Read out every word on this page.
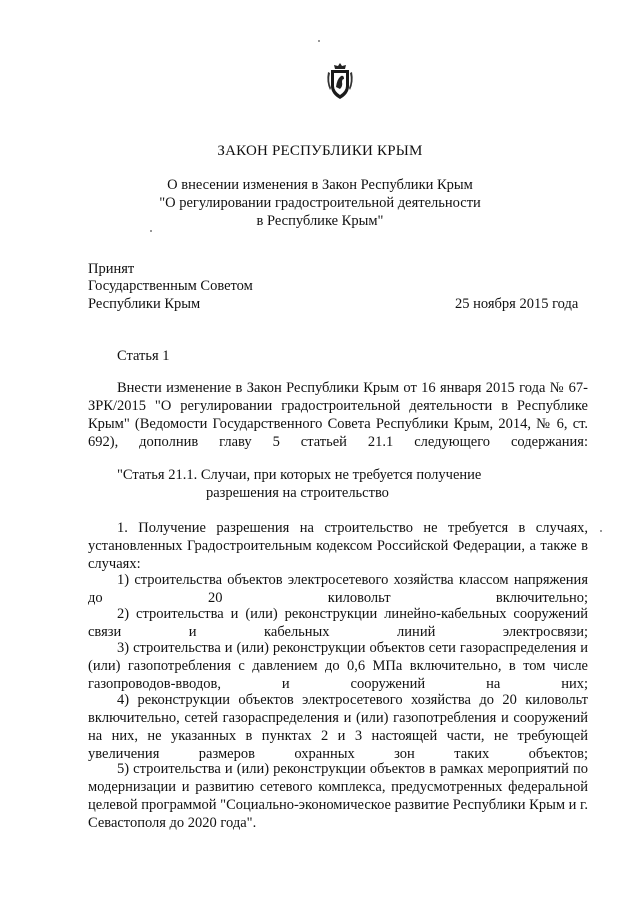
ЗАКОН РЕСПУБЛИКИ КРЫМ
О внесении изменения в Закон Республики Крым
"О регулировании градостроительной деятельности
в Республике Крым"
Принят
Государственным Советом
Республики Крым	25 ноября 2015 года
Статья 1
Внести изменение в Закон Республики Крым от 16 января 2015 года № 67-ЗРК/2015 "О регулировании градостроительной деятельности в Республике Крым" (Ведомости Государственного Совета Республики Крым, 2014, № 6, ст. 692), дополнив главу 5 статьей 21.1 следующего содержания:
"Статья 21.1. Случаи, при которых не требуется получение
разрешения на строительство
1. Получение разрешения на строительство не требуется в случаях, установленных Градостроительным кодексом Российской Федерации, а также в случаях:
1) строительства объектов электросетевого хозяйства классом напряжения до 20 киловольт включительно;
2) строительства и (или) реконструкции линейно-кабельных сооружений связи и кабельных линий электросвязи;
3) строительства и (или) реконструкции объектов сети газораспределения и (или) газопотребления с давлением до 0,6 МПа включительно, в том числе газопроводов-вводов, и сооружений на них;
4) реконструкции объектов электросетевого хозяйства до 20 киловольт включительно, сетей газораспределения и (или) газопотребления и сооружений на них, не указанных в пунктах 2 и 3 настоящей части, не требующей увеличения размеров охранных зон таких объектов;
5) строительства и (или) реконструкции объектов в рамках мероприятий по модернизации и развитию сетевого комплекса, предусмотренных федеральной целевой программой "Социально-экономическое развитие Республики Крым и г. Севастополя до 2020 года".
